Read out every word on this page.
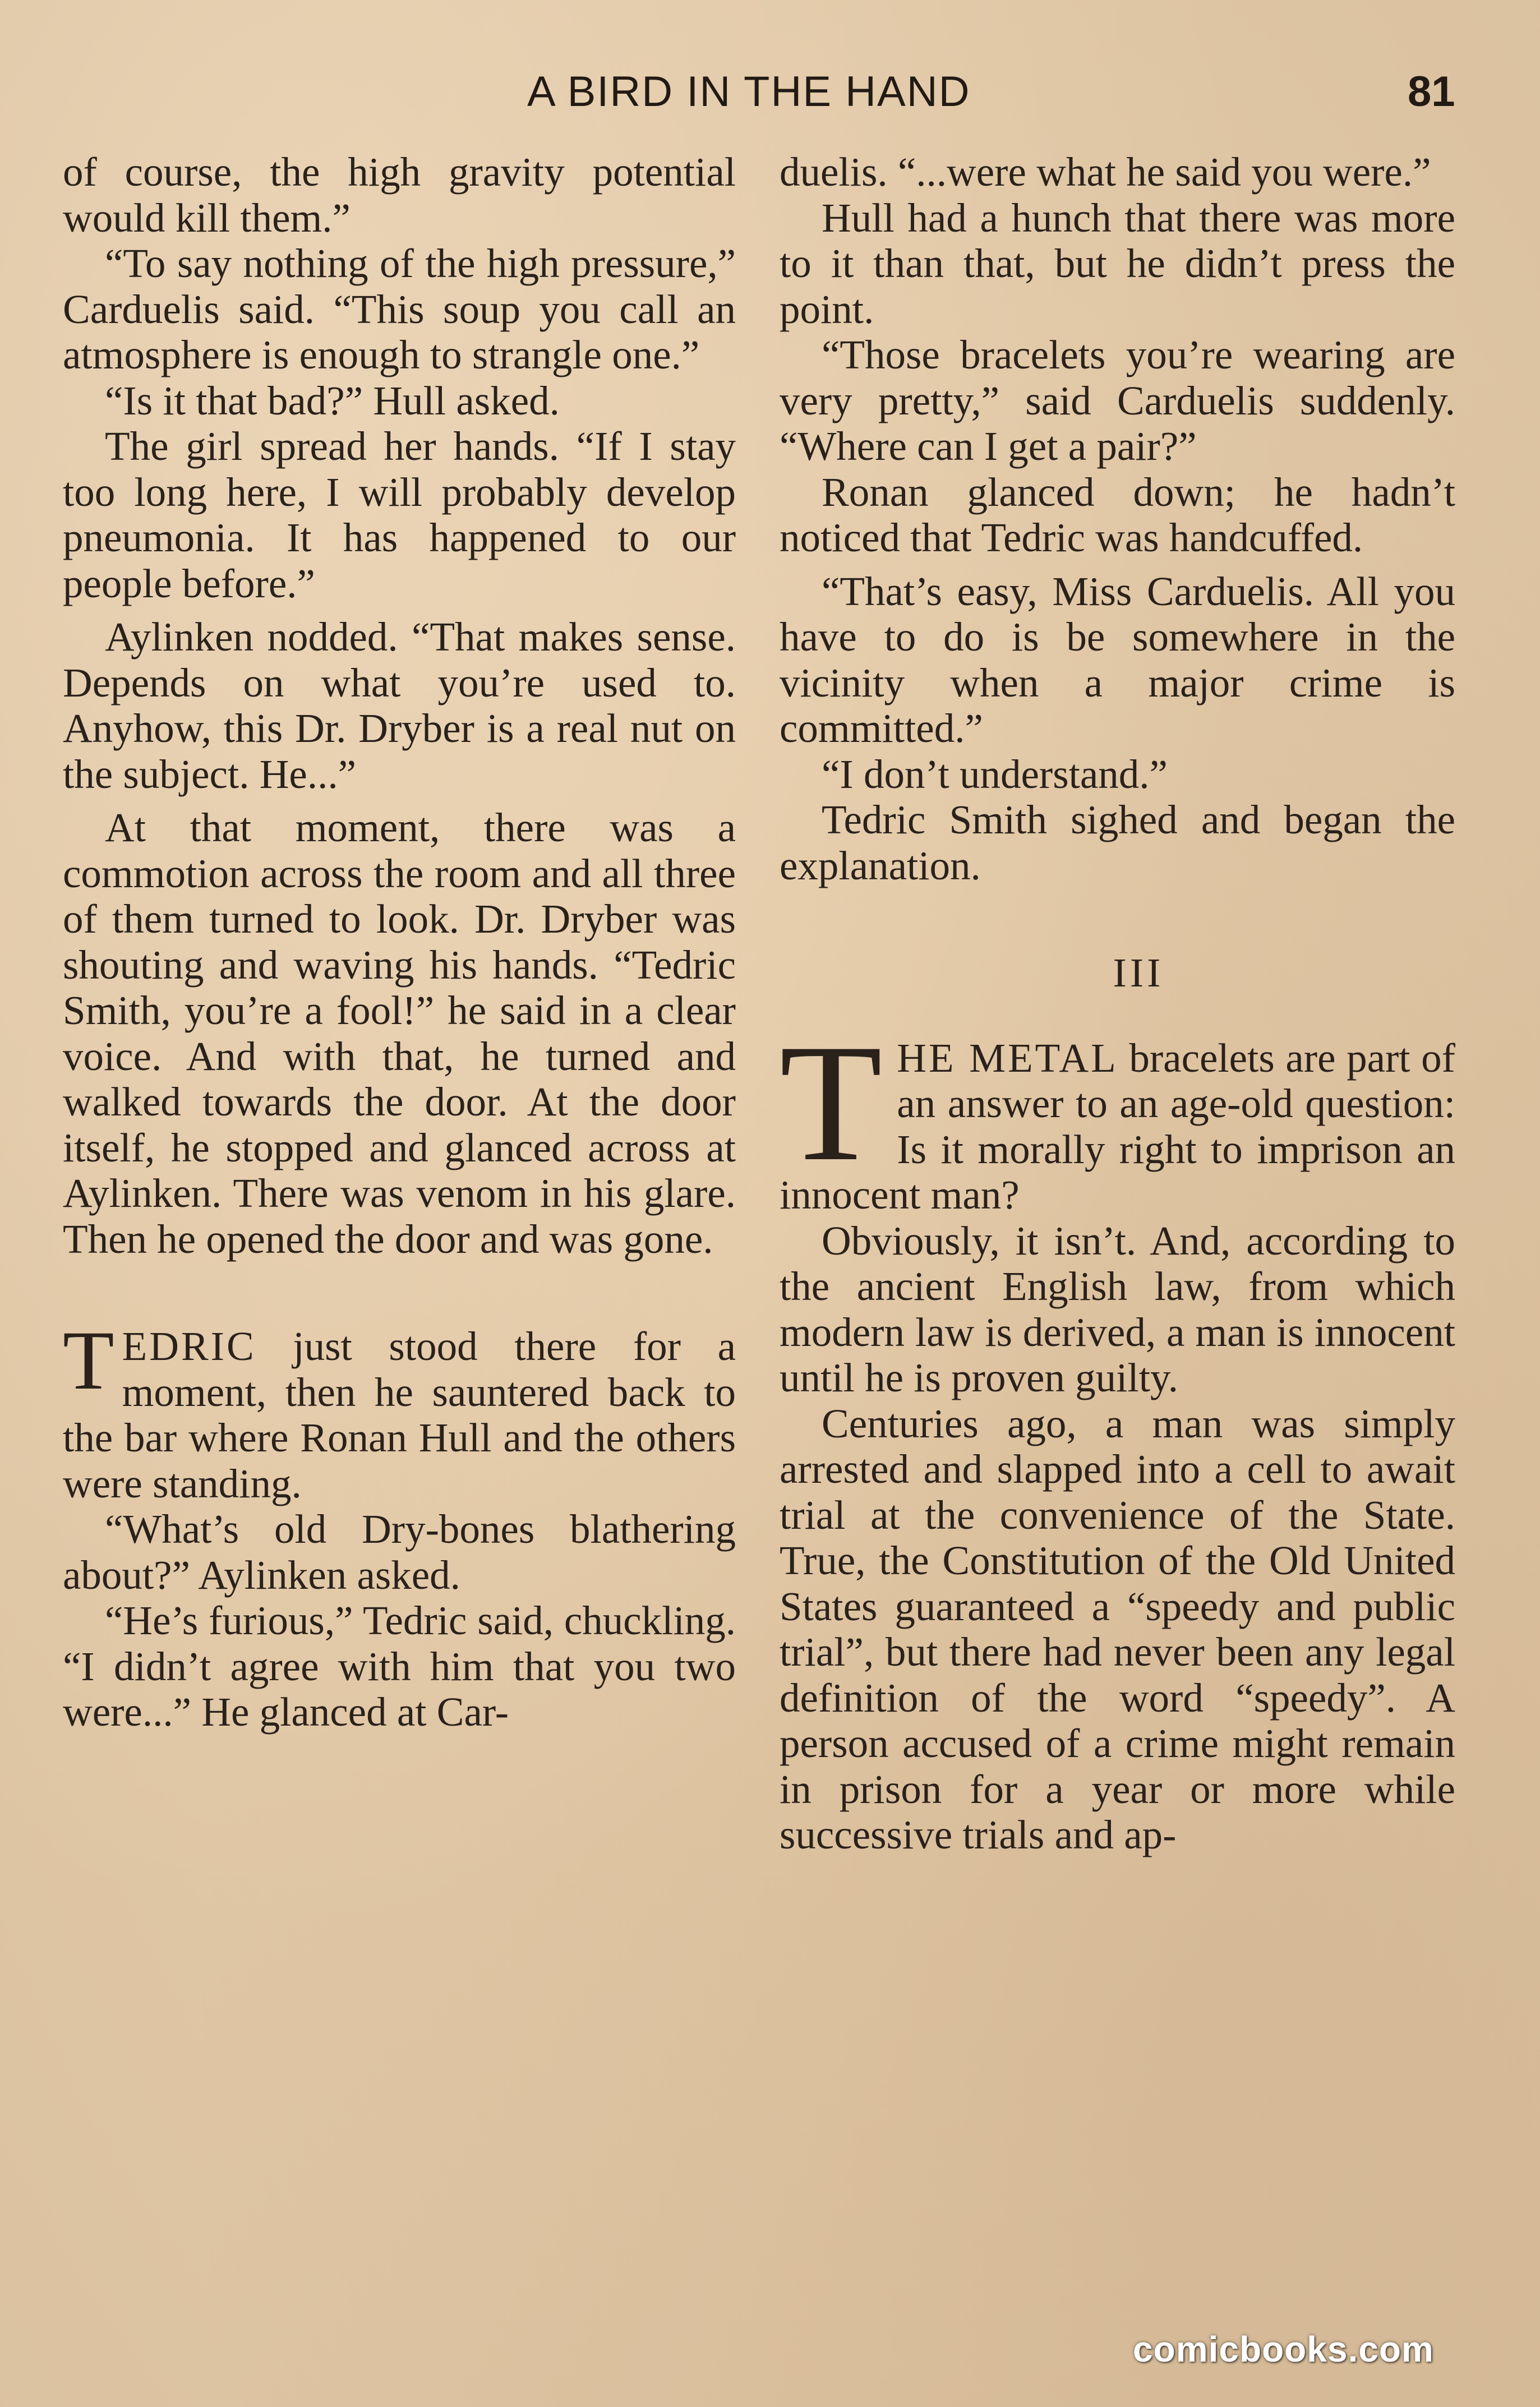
A BIRD IN THE HAND	81

of course, the high gravity potential would kill them.”

“To say nothing of the high pressure,” Carduelis said. “This soup you call an atmosphere is enough to strangle one.”

“Is it that bad?” Hull asked.

The girl spread her hands. “If I stay too long here, I will probably develop pneumonia. It has happened to our people before.”

Aylinken nodded. “That makes sense. Depends on what you’re used to. Anyhow, this Dr. Dryber is a real nut on the subject. He...”

At that moment, there was a commotion across the room and all three of them turned to look. Dr. Dryber was shouting and waving his hands. “Tedric Smith, you’re a fool!” he said in a clear voice. And with that, he turned and walked towards the door. At the door itself, he stopped and glanced across at Aylinken. There was venom in his glare. Then he opened the door and was gone.

TEDRIC just stood there for a moment, then he sauntered back to the bar where Ronan Hull and the others were standing.

“What’s old Dry-bones blathering about?” Aylinken asked.

“He’s furious,” Tedric said, chuckling. “I didn’t agree with him that you two were...” He glanced at Car-

duelis. “...were what he said you were.”

Hull had a hunch that there was more to it than that, but he didn’t press the point.

“Those bracelets you’re wearing are very pretty,” said Carduelis suddenly. “Where can I get a pair?”

Ronan glanced down; he hadn’t noticed that Tedric was handcuffed.

“That’s easy, Miss Carduelis. All you have to do is be somewhere in the vicinity when a major crime is committed.”

“I don’t understand.”

Tedric Smith sighed and began the explanation.

III

THE METAL bracelets are part of an answer to an age-old question: Is it morally right to imprison an innocent man?

Obviously, it isn’t. And, according to the ancient English law, from which modern law is derived, a man is innocent until he is proven guilty.

Centuries ago, a man was simply arrested and slapped into a cell to await trial at the convenience of the State. True, the Constitution of the Old United States guaranteed a “speedy and public trial”, but there had never been any legal definition of the word “speedy”. A person accused of a crime might remain in prison for a year or more while successive trials and ap-

comicbooks.com
